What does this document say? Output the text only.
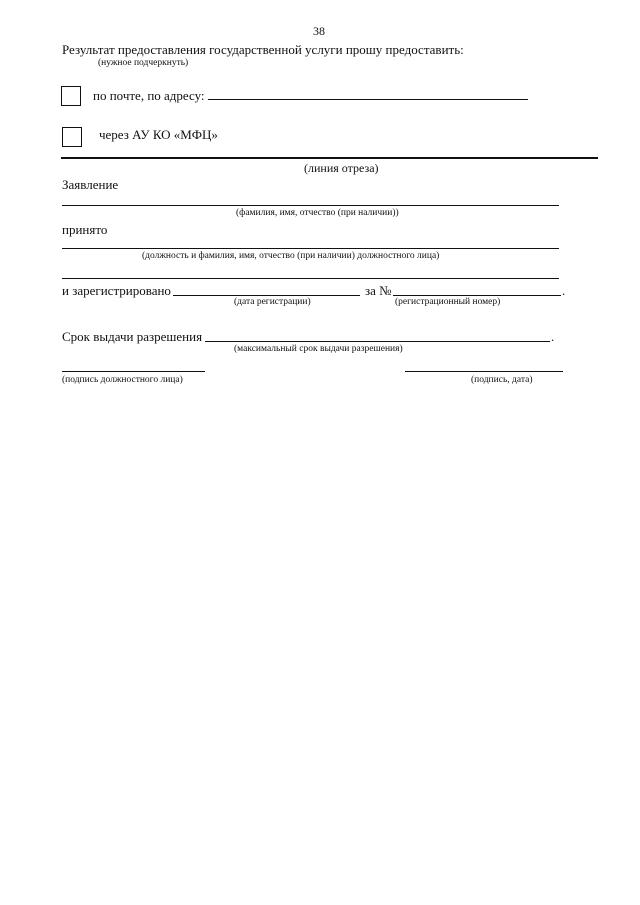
38
Результат предоставления государственной услуги прошу предоставить:
(нужное подчеркнуть)
по почте, по адресу:
через АУ КО «МФЦ»
(линия отреза)
Заявление
(фамилия, имя, отчество (при наличии))
принято
(должность и фамилия, имя, отчество (при наличии) должностного лица)
и зарегистрировано	за №	.
(дата регистрации)	(регистрационный номер)
Срок выдачи разрешения	.
(максимальный срок выдачи разрешения)
(подпись должностного лица)	(подпись, дата)
